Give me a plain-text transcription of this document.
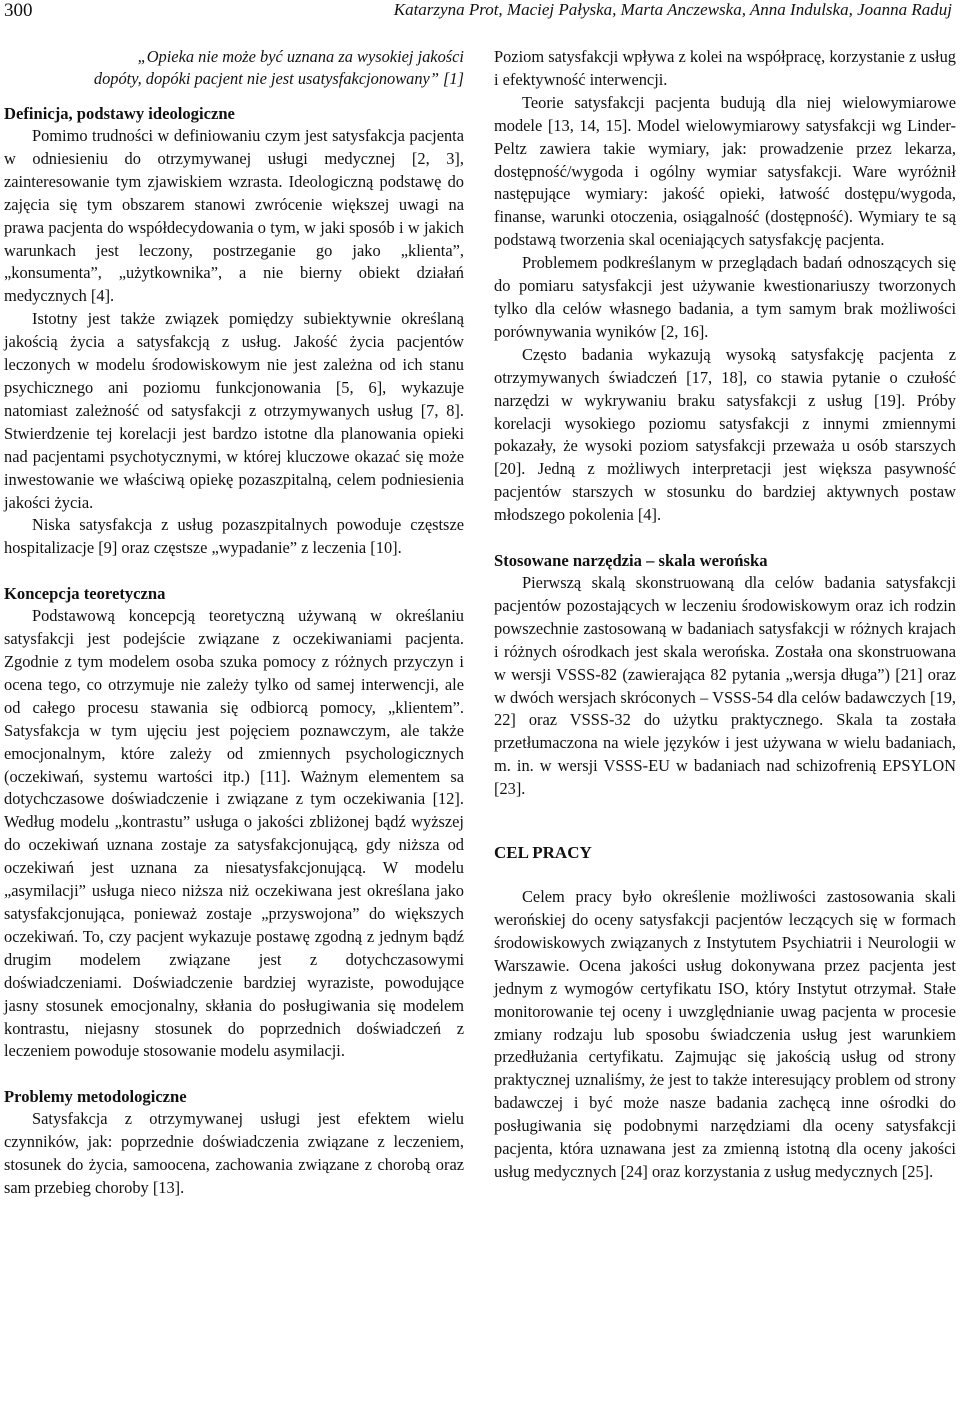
300	Katarzyna Prot, Maciej Pałyska, Marta Anczewska, Anna Indulska, Joanna Raduj
„Opieka nie może być uznana za wysokiej jakości
dopóty, dopóki pacjent nie jest usatysfakcjonowany” [1]
Definicja, podstawy ideologiczne

Pomimo trudności w definiowaniu czym jest satysfakcja pacjenta w odniesieniu do otrzymywanej usługi medycznej [2, 3], zainteresowanie tym zjawiskiem wzrasta. Ideologiczną podstawę do zajęcia się tym obszarem stanowi zwrócenie większej uwagi na prawa pacjenta do współdecydowania o tym, w jaki sposób i w jakich warunkach jest leczony, postrzeganie go jako „klienta”, „konsumenta”, „użytkownika”, a nie bierny obiekt działań medycznych [4].

Istotny jest także związek pomiędzy subiektywnie określaną jakością życia a satysfakcją z usług. Jakość życia pacjentów leczonych w modelu środowiskowym nie jest zależna od ich stanu psychicznego ani poziomu funkcjonowania [5, 6], wykazuje natomiast zależność od satysfakcji z otrzymywanych usług [7, 8]. Stwierdzenie tej korelacji jest bardzo istotne dla planowania opieki nad pacjentami psychotycznymi, w której kluczowe okazać się może inwestowanie we właściwą opiekę pozaszpitalną, celem podniesienia jakości życia.

Niska satysfakcja z usług pozaszpitalnych powoduje częstsze hospitalizacje [9] oraz częstsze „wypadanie” z leczenia [10].

Koncepcja teoretyczna

Podstawową koncepcją teoretyczną używaną w określaniu satysfakcji jest podejście związane z oczekiwaniami pacjenta. Zgodnie z tym modelem osoba szuka pomocy z różnych przyczyn i ocena tego, co otrzymuje nie zależy tylko od samej interwencji, ale od całego procesu stawania się odbiorcą pomocy, „klientem”. Satysfakcja w tym ujęciu jest pojęciem poznawczym, ale także emocjonalnym, które zależy od zmiennych psychologicznych (oczekiwań, systemu wartości itp.) [11]. Ważnym elementem sa dotychczasowe doświadczenie i związane z tym oczekiwania [12]. Według modelu „kontrastu” usługa o jakości zbliżonej bądź wyższej do oczekiwań uznana zostaje za satysfakcjonującą, gdy niższa od oczekiwań jest uznana za niesatysfakcjonującą. W modelu „asymilacji” usługa nieco niższa niż oczekiwana jest określana jako satysfakcjonująca, ponieważ zostaje „przyswojona” do większych oczekiwań. To, czy pacjent wykazuje postawę zgodną z jednym bądź drugim modelem związane jest z dotychczasowymi doświadczeniami. Doświadczenie bardziej wyraziste, powodujące jasny stosunek emocjonalny, skłania do posługiwania się modelem kontrastu, niejasny stosunek do poprzednich doświadczeń z leczeniem powoduje stosowanie modelu asymilacji.

Problemy metodologiczne

Satysfakcja z otrzymywanej usługi jest efektem wielu czynników, jak: poprzednie doświadczenia związane z leczeniem, stosunek do życia, samoocena, zachowania związane z chorobą oraz sam przebieg choroby [13].

Poziom satysfakcji wpływa z kolei na współpracę, korzystanie z usług i efektywność interwencji.

Teorie satysfakcji pacjenta budują dla niej wielowymiarowe modele [13, 14, 15]. Model wielowymiarowy satysfakcji wg Linder-Peltz zawiera takie wymiary, jak: prowadzenie przez lekarza, dostępność/wygoda i ogólny wymiar satysfakcji. Ware wyróżnił następujące wymiary: jakość opieki, łatwość dostępu/wygoda, finanse, warunki otoczenia, osiągalność (dostępność). Wymiary te są podstawą tworzenia skal oceniających satysfakcję pacjenta.

Problemem podkreślanym w przeglądach badań odnoszących się do pomiaru satysfakcji jest używanie kwestionariuszy tworzonych tylko dla celów własnego badania, a tym samym brak możliwości porównywania wyników [2, 16].

Często badania wykazują wysoką satysfakcję pacjenta z otrzymywanych świadczeń [17, 18], co stawia pytanie o czułość narzędzi w wykrywaniu braku satysfakcji z usług [19]. Próby korelacji wysokiego poziomu satysfakcji z innymi zmiennymi pokazały, że wysoki poziom satysfakcji przeważa u osób starszych [20]. Jedną z możliwych interpretacji jest większa pasywność pacjentów starszych w stosunku do bardziej aktywnych postaw młodszego pokolenia [4].

Stosowane narzędzia – skala werońska

Pierwszą skalą skonstruowaną dla celów badania satysfakcji pacjentów pozostających w leczeniu środowiskowym oraz ich rodzin powszechnie zastosowaną w badaniach satysfakcji w różnych krajach i różnych ośrodkach jest skala werońska. Została ona skonstruowana w wersji VSSS-82 (zawierająca 82 pytania „wersja długa”) [21] oraz w dwóch wersjach skróconych – VSSS-54 dla celów badawczych [19, 22] oraz VSSS-32 do użytku praktycznego. Skala ta została przetłumaczona na wiele języków i jest używana w wielu badaniach, m. in. w wersji VSSS-EU w badaniach nad schizofrenią EPSYLON [23].

CEL PRACY

Celem pracy było określenie możliwości zastosowania skali werońskiej do oceny satysfakcji pacjentów leczących się w formach środowiskowych związanych z Instytutem Psychiatrii i Neurologii w Warszawie. Ocena jakości usług dokonywana przez pacjenta jest jednym z wymogów certyfikatu ISO, który Instytut otrzymał. Stałe monitorowanie tej oceny i uwzględnianie uwag pacjenta w procesie zmiany rodzaju lub sposobu świadczenia usług jest warunkiem przedłużania certyfikatu. Zajmując się jakością usług od strony praktycznej uznaliśmy, że jest to także interesujący problem od strony badawczej i być może nasze badania zachęcą inne ośrodki do posługiwania się podobnymi narzędziami dla oceny satysfakcji pacjenta, która uznawana jest za zmienną istotną dla oceny jakości usług medycznych [24] oraz korzystania z usług medycznych [25].
